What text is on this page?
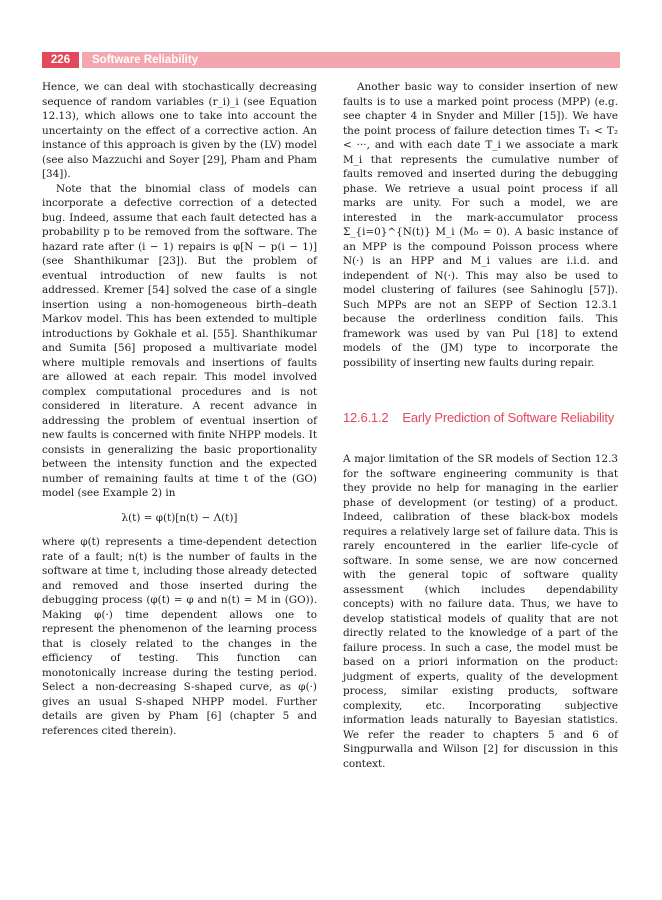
226	Software Reliability

Hence, we can deal with stochastically decreasing sequence of random variables (r_i)_i (see Equation 12.13), which allows one to take into account the uncertainty on the effect of a corrective action. An instance of this approach is given by the (LV) model (see also Mazzuchi and Soyer [29], Pham and Pham [34]).

Note that the binomial class of models can incorporate a defective correction of a detected bug. Indeed, assume that each fault detected has a probability p to be removed from the software. The hazard rate after (i − 1) repairs is φ[N − p(i − 1)] (see Shanthikumar [23]). But the problem of eventual introduction of new faults is not addressed. Kremer [54] solved the case of a single insertion using a non-homogeneous birth–death Markov model. This has been extended to multiple introductions by Gokhale et al. [55]. Shanthikumar and Sumita [56] proposed a multivariate model where multiple removals and insertions of faults are allowed at each repair. This model involved complex computational procedures and is not considered in literature. A recent advance in addressing the problem of eventual insertion of new faults is concerned with finite NHPP models. It consists in generalizing the basic proportionality between the intensity function and the expected number of remaining faults at time t of the (GO) model (see Example 2) in

λ(t) = φ(t)[n(t) − Λ(t)]

where φ(t) represents a time-dependent detection rate of a fault; n(t) is the number of faults in the software at time t, including those already detected and removed and those inserted during the debugging process (φ(t) = φ and n(t) = M in (GO)). Making φ(·) time dependent allows one to represent the phenomenon of the learning process that is closely related to the changes in the efficiency of testing. This function can monotonically increase during the testing period. Select a non-decreasing S-shaped curve, as φ(·) gives an usual S-shaped NHPP model. Further details are given by Pham [6] (chapter 5 and references cited therein).

Another basic way to consider insertion of new faults is to use a marked point process (MPP) (e.g. see chapter 4 in Snyder and Miller [15]). We have the point process of failure detection times T₁ < T₂ < ···, and with each date T_i we associate a mark M_i that represents the cumulative number of faults removed and inserted during the debugging phase. We retrieve a usual point process if all marks are unity. For such a model, we are interested in the mark-accumulator process Σ_{i=0}^{N(t)} M_i (M₀ = 0). A basic instance of an MPP is the compound Poisson process where N(·) is an HPP and M_i values are i.i.d. and independent of N(·). This may also be used to model clustering of failures (see Sahinoglu [57]). Such MPPs are not an SEPP of Section 12.3.1 because the orderliness condition fails. This framework was used by van Pul [18] to extend models of the (JM) type to incorporate the possibility of inserting new faults during repair.

12.6.1.2 Early Prediction of Software Reliability

A major limitation of the SR models of Section 12.3 for the software engineering community is that they provide no help for managing in the earlier phase of development (or testing) of a product. Indeed, calibration of these black-box models requires a relatively large set of failure data. This is rarely encountered in the earlier life-cycle of software. In some sense, we are now concerned with the general topic of software quality assessment (which includes dependability concepts) with no failure data. Thus, we have to develop statistical models of quality that are not directly related to the knowledge of a part of the failure process. In such a case, the model must be based on a priori information on the product: judgment of experts, quality of the development process, similar existing products, software complexity, etc. Incorporating subjective information leads naturally to Bayesian statistics. We refer the reader to chapters 5 and 6 of Singpurwalla and Wilson [2] for discussion in this context.
